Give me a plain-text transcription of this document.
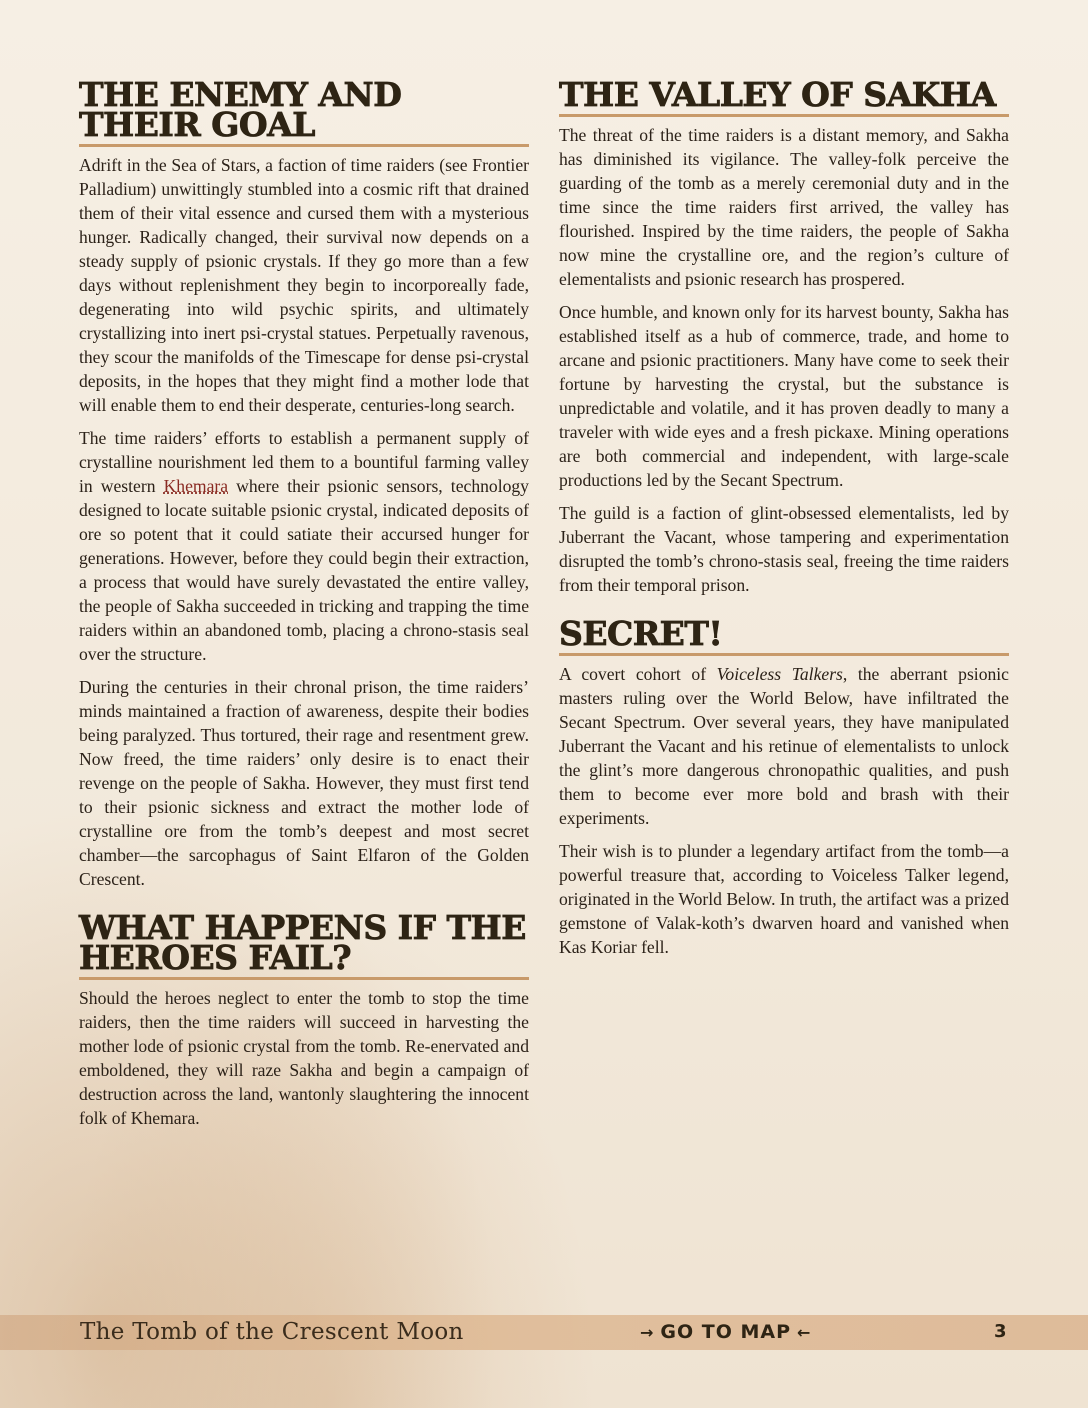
THE ENEMY AND THEIR GOAL

Adrift in the Sea of Stars, a faction of time raiders (see Frontier Palladium) unwittingly stumbled into a cosmic rift that drained them of their vital essence and cursed them with a mysterious hunger. Radically changed, their survival now depends on a steady supply of psionic crystals. If they go more than a few days without replenishment they begin to incorporeally fade, degenerating into wild psychic spirits, and ultimately crystallizing into inert psi-crystal statues. Perpetually ravenous, they scour the manifolds of the Timescape for dense psi-crystal deposits, in the hopes that they might find a mother lode that will enable them to end their desperate, centuries-long search.

The time raiders’ efforts to establish a permanent supply of crystalline nourishment led them to a bountiful farming valley in western Khemara where their psionic sensors, technology designed to locate suitable psionic crystal, indicated deposits of ore so potent that it could satiate their accursed hunger for generations. However, before they could begin their extraction, a process that would have surely devastated the entire valley, the people of Sakha succeeded in tricking and trapping the time raiders within an abandoned tomb, placing a chrono-stasis seal over the structure.

During the centuries in their chronal prison, the time raiders’ minds maintained a fraction of awareness, despite their bodies being paralyzed. Thus tortured, their rage and resentment grew. Now freed, the time raiders’ only desire is to enact their revenge on the people of Sakha. However, they must first tend to their psionic sickness and extract the mother lode of crystalline ore from the tomb’s deepest and most secret chamber—the sarcophagus of Saint Elfaron of the Golden Crescent.

WHAT HAPPENS IF THE HEROES FAIL?

Should the heroes neglect to enter the tomb to stop the time raiders, then the time raiders will succeed in harvesting the mother lode of psionic crystal from the tomb. Re-enervated and emboldened, they will raze Sakha and begin a campaign of destruction across the land, wantonly slaughtering the innocent folk of Khemara.

THE VALLEY OF SAKHA

The threat of the time raiders is a distant memory, and Sakha has diminished its vigilance. The valley-folk perceive the guarding of the tomb as a merely ceremonial duty and in the time since the time raiders first arrived, the valley has flourished. Inspired by the time raiders, the people of Sakha now mine the crystalline ore, and the region’s culture of elementalists and psionic research has prospered.

Once humble, and known only for its harvest bounty, Sakha has established itself as a hub of commerce, trade, and home to arcane and psionic practitioners. Many have come to seek their fortune by harvesting the crystal, but the substance is unpredictable and volatile, and it has proven deadly to many a traveler with wide eyes and a fresh pickaxe. Mining operations are both commercial and independent, with large-scale productions led by the Secant Spectrum.

The guild is a faction of glint-obsessed elementalists, led by Juberrant the Vacant, whose tampering and experimentation disrupted the tomb’s chrono-stasis seal, freeing the time raiders from their temporal prison.

SECRET!

A covert cohort of Voiceless Talkers, the aberrant psionic masters ruling over the World Below, have infiltrated the Secant Spectrum. Over several years, they have manipulated Juberrant the Vacant and his retinue of elementalists to unlock the glint’s more dangerous chronopathic qualities, and push them to become ever more bold and brash with their experiments.

Their wish is to plunder a legendary artifact from the tomb—a powerful treasure that, according to Voiceless Talker legend, originated in the World Below. In truth, the artifact was a prized gemstone of Valak-koth’s dwarven hoard and vanished when Kas Koriar fell.

The Tomb of the Crescent Moon	→ GO TO MAP ←	3
